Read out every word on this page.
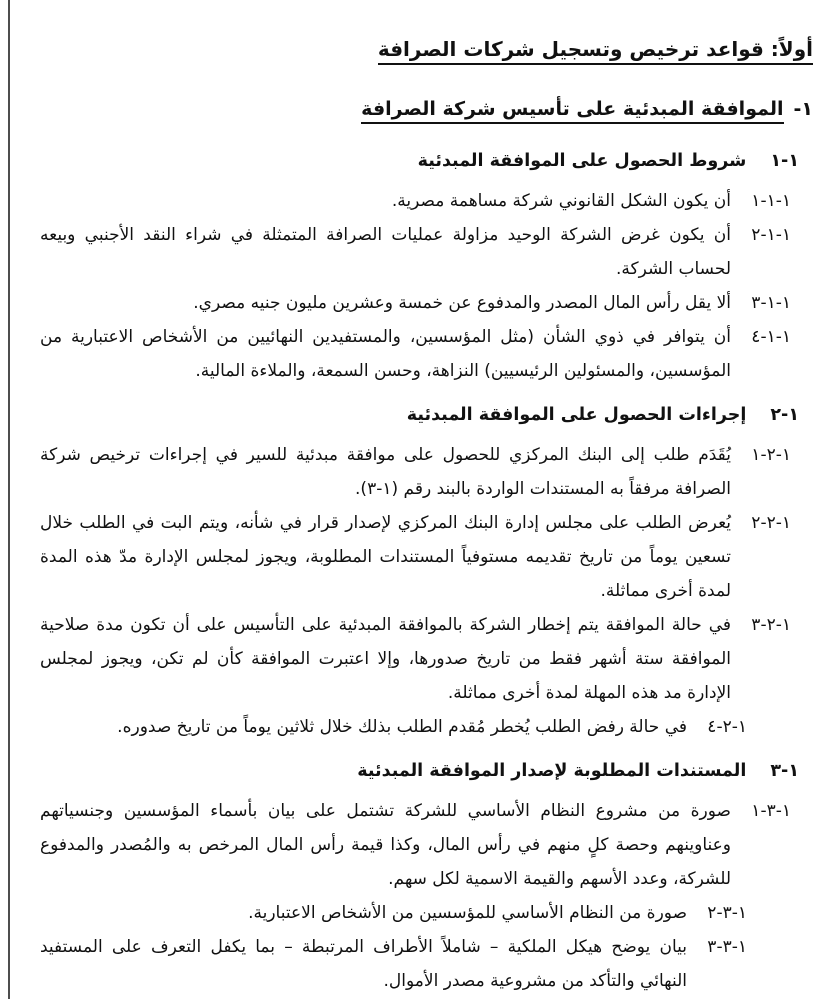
أولاً: قواعد ترخيص وتسجيل شركات الصرافة
١-الموافقة المبدئية على تأسيس شركة الصرافة
١-١
شروط الحصول على الموافقة المبدئية
١-١-١
أن يكون الشكل القانوني شركة مساهمة مصرية.
١-١-٢
أن يكون غرض الشركة الوحيد مزاولة عمليات الصرافة المتمثلة في شراء النقد الأجنبي وبيعه لحساب الشركة.
١-١-٣
ألا يقل رأس المال المصدر والمدفوع عن خمسة وعشرين مليون جنيه مصري.
١-١-٤
أن يتوافر في ذوي الشأن (مثل المؤسسين، والمستفيدين النهائيين من الأشخاص الاعتبارية من المؤسسين، والمسئولين الرئيسيين) النزاهة، وحسن السمعة، والملاءة المالية.
١-٢
إجراءات الحصول على الموافقة المبدئية
١-٢-١
يُقَدَم طلب إلى البنك المركزي للحصول على موافقة مبدئية للسير في إجراءات ترخيص شركة الصرافة مرفقاً به المستندات الواردة بالبند رقم (١-٣).
١-٢-٢
يُعرض الطلب على مجلس إدارة البنك المركزي لإصدار قرار في شأنه، ويتم البت في الطلب خلال تسعين يوماً من تاريخ تقديمه مستوفياً المستندات المطلوبة، ويجوز لمجلس الإدارة مدّ هذه المدة لمدة أخرى مماثلة.
١-٢-٣
في حالة الموافقة يتم إخطار الشركة بالموافقة المبدئية على التأسيس على أن تكون مدة صلاحية الموافقة ستة أشهر فقط من تاريخ صدورها، وإلا اعتبرت الموافقة كأن لم تكن، ويجوز لمجلس الإدارة مد هذه المهلة لمدة أخرى مماثلة.
١-٢-٤
في حالة رفض الطلب يُخطر مُقدم الطلب بذلك خلال ثلاثين يوماً من تاريخ صدوره.
١-٣
المستندات المطلوبة لإصدار الموافقة المبدئية
١-٣-١
صورة من مشروع النظام الأساسي للشركة تشتمل على بيان بأسماء المؤسسين وجنسياتهم وعناوينهم وحصة كلٍ منهم في رأس المال، وكذا قيمة رأس المال المرخص به والمُصدر والمدفوع للشركة، وعدد الأسهم والقيمة الاسمية لكل سهم.
١-٣-٢
صورة من النظام الأساسي للمؤسسين من الأشخاص الاعتبارية.
١-٣-٣
بيان يوضح هيكل الملكية – شاملاً الأطراف المرتبطة – بما يكفل التعرف على المستفيد النهائي والتأكد من مشروعية مصدر الأموال.
